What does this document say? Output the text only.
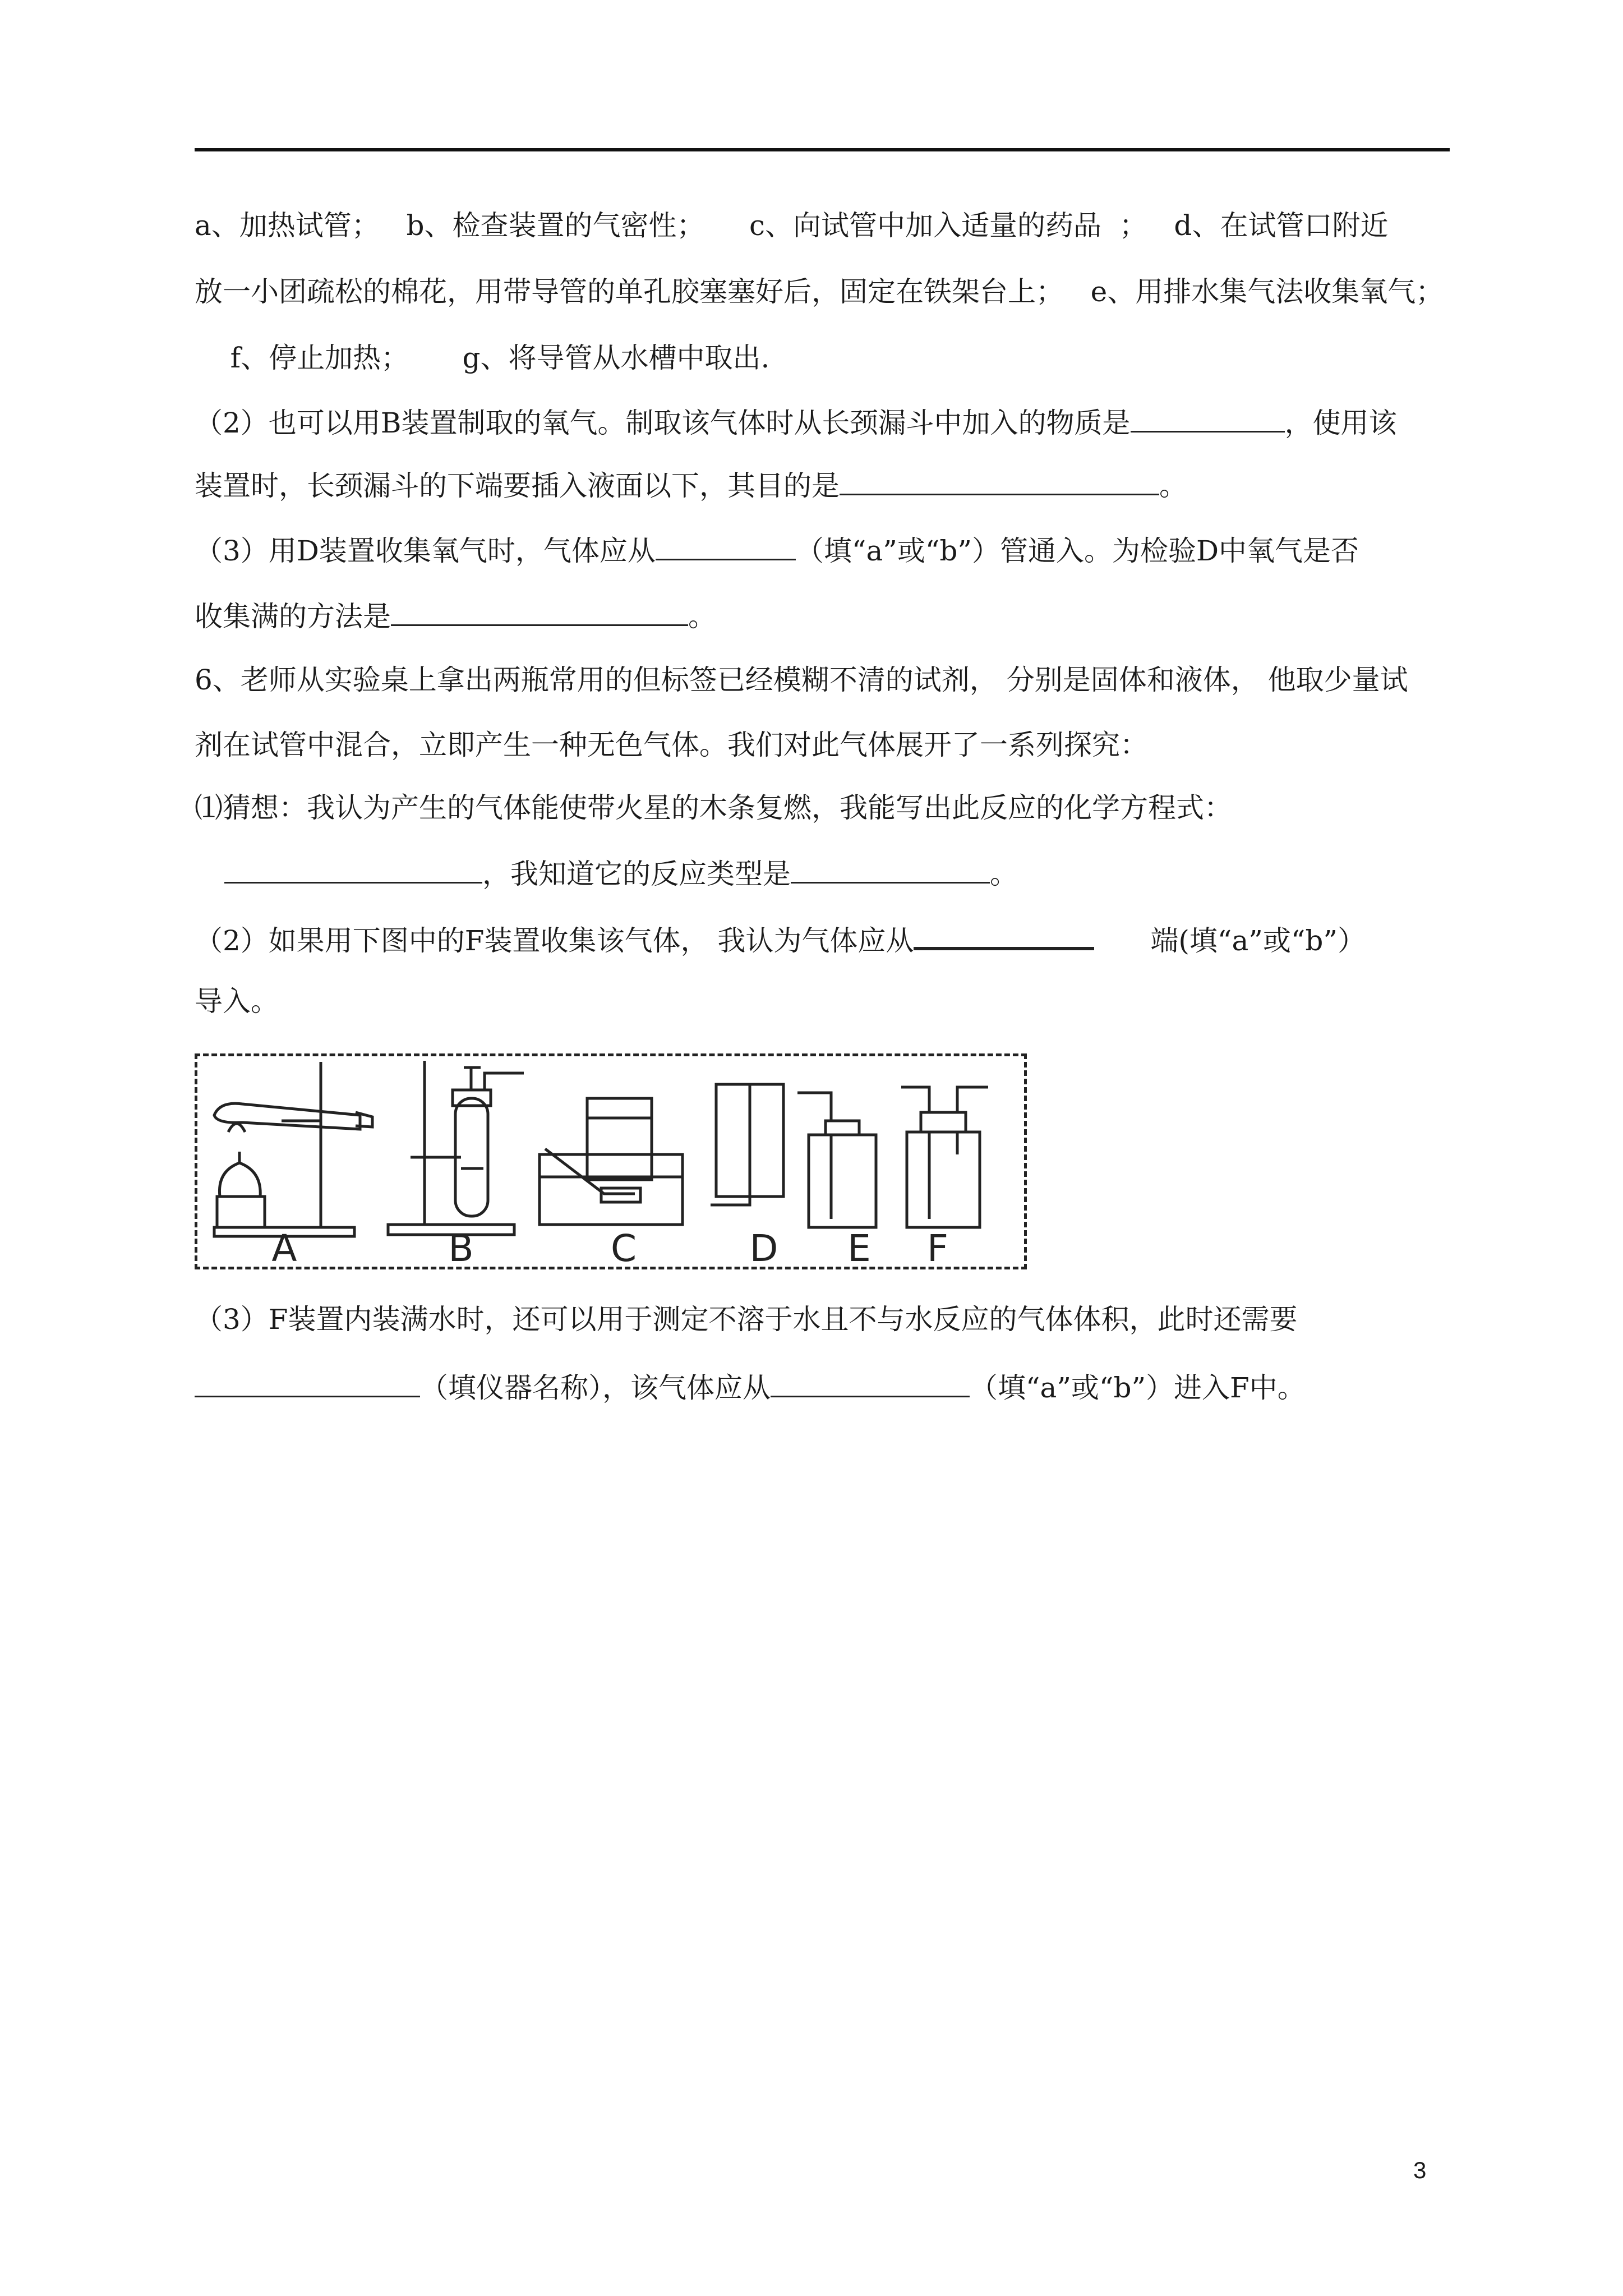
a、加热试管；   b、检查装置的气密性；     c、向试管中加入适量的药品  ；   d、在试管口附近
放一小团疏松的棉花，用带导管的单孔胶塞塞好后，固定在铁架台上；   e、用排水集气法收集氧气；
f、停止加热；      g、将导管从水槽中取出.
（2）也可以用B装置制取的氧气。制取该气体时从长颈漏斗中加入的物质是	，使用该
装置时，长颈漏斗的下端要插入液面以下，其目的是	。
（3）用D装置收集氧气时，气体应从	（填“a”或“b”）管通入。为检验D中氧气是否
收集满的方法是	。
6、老师从实验桌上拿出两瓶常用的但标签已经模糊不清的试剂， 分别是固体和液体， 他取少量试
剂在试管中混合，立即产生一种无色气体。我们对此气体展开了一系列探究：
⑴猜想：我认为产生的气体能使带火星的木条复燃，我能写出此反应的化学方程式：
，我知道它的反应类型是	。
（2）如果用下图中的F装置收集该气体， 我认为气体应从	端(填“a”或“b”）
导入。
A	B	C	D E F
（3）F装置内装满水时，还可以用于测定不溶于水且不与水反应的气体体积，此时还需要
（填仪器名称），该气体应从	（填“a”或“b”）进入F中。
3
